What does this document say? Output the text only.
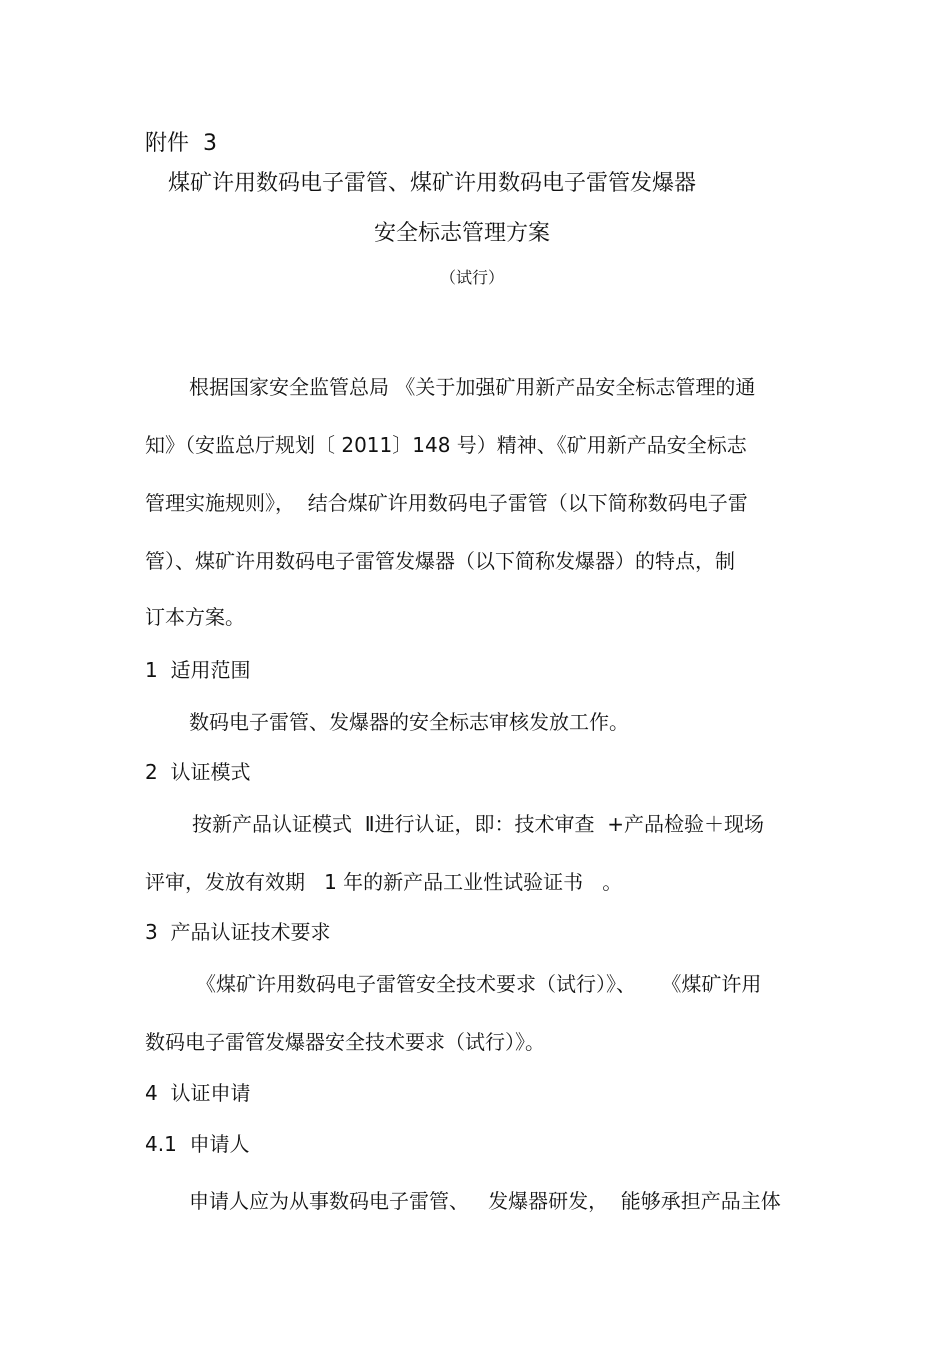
附件  3

煤矿许用数码电子雷管、煤矿许用数码电子雷管发爆器

安全标志管理方案

（试行）

根据国家安全监管总局 《关于加强矿用新产品安全标志管理的通

知》（安监总厅规划〔 2011〕148 号）精神、《矿用新产品安全标志

管理实施规则》，  结合煤矿许用数码电子雷管（以下简称数码电子雷

管）、煤矿许用数码电子雷管发爆器（以下简称发爆器）的特点，制

订本方案。

1  适用范围

数码电子雷管、发爆器的安全标志审核发放工作。

2  认证模式

按新产品认证模式  Ⅱ进行认证，即：技术审查  +产品检验＋现场

评审，发放有效期   1 年的新产品工业性试验证书   。

3  产品认证技术要求

《煤矿许用数码电子雷管安全技术要求（试行）》、    《煤矿许用

数码电子雷管发爆器安全技术要求（试行）》。

4  认证申请

4.1  申请人

申请人应为从事数码电子雷管、   发爆器研发，  能够承担产品主体
